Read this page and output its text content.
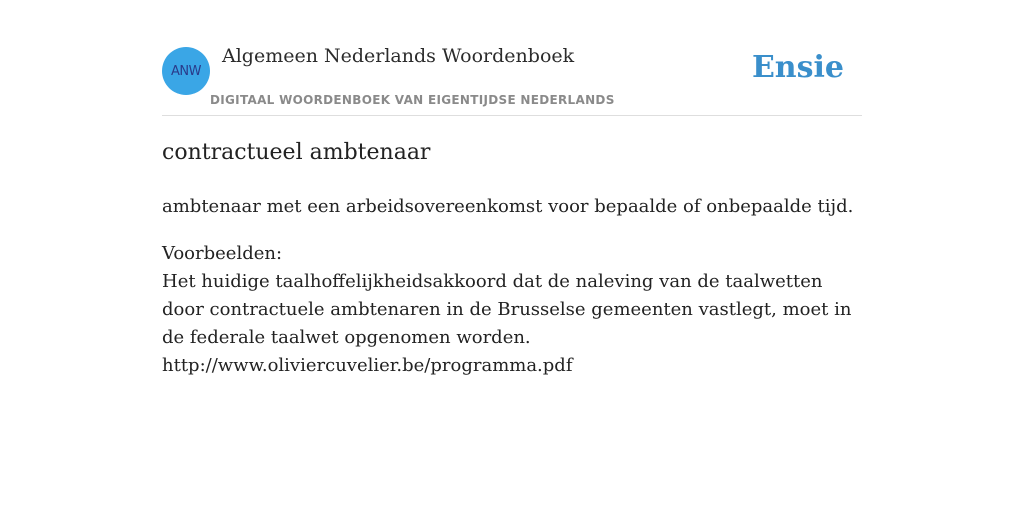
ANW
Algemeen Nederlands Woordenboek
DIGITAAL WOORDENBOEK VAN EIGENTIJDSE NEDERLANDS
Ensie
contractueel ambtenaar
ambtenaar met een arbeidsovereenkomst voor bepaalde of onbepaalde tijd.
Voorbeelden:
Het huidige taalhoffelijkheidsakkoord dat de naleving van de taalwetten door contractuele ambtenaren in de Brusselse gemeenten vastlegt, moet in de federale taalwet opgenomen worden.
http://www.oliviercuvelier.be/programma.pdf
